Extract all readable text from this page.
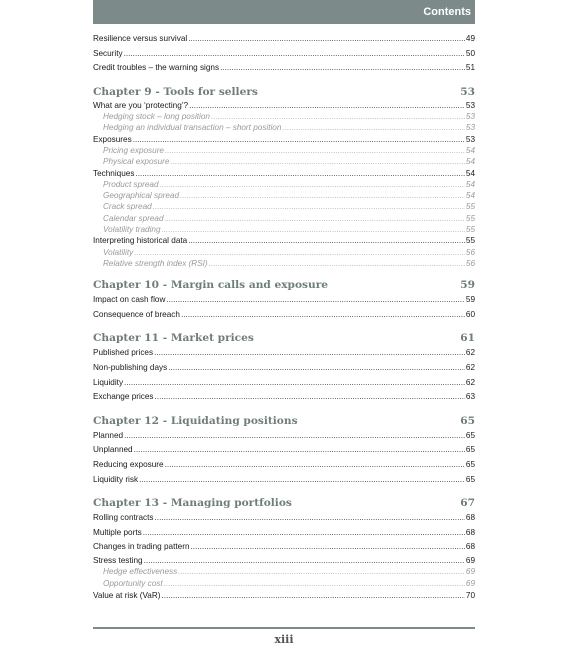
Contents
Resilience versus survival .....	49
Security .....	50
Credit troubles – the warning signs .....	51
Chapter 9 - Tools for sellers	53
What are you ‘protecting’? .....	53
Hedging stock – long position .....	53
Hedging an individual transaction – short position .....	53
Exposures .....	53
Pricing exposure .....	54
Physical exposure .....	54
Techniques .....	54
Product spread .....	54
Geographical spread .....	54
Crack spread .....	55
Calendar spread .....	55
Volatility trading .....	55
Interpreting historical data .....	55
Volatility .....	56
Relative strength index (RSI) .....	56
Chapter 10 - Margin calls and exposure	59
Impact on cash flow .....	59
Consequence of breach .....	60
Chapter 11 - Market prices	61
Published prices .....	62
Non-publishing days .....	62
Liquidity .....	62
Exchange prices .....	63
Chapter 12 - Liquidating positions	65
Planned .....	65
Unplanned .....	65
Reducing exposure .....	65
Liquidity risk .....	65
Chapter 13 - Managing portfolios	67
Rolling contracts .....	68
Multiple ports .....	68
Changes in trading pattern .....	68
Stress testing .....	69
Hedge effectiveness .....	69
Opportunity cost .....	69
Value at risk (VaR) .....	70
xiii
